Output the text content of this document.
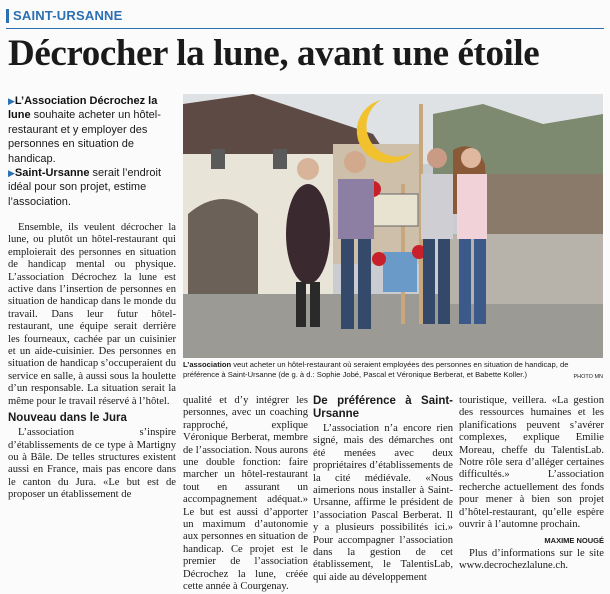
SAINT-URSANNE
Décrocher la lune, avant une étoile

▶L’Association Décrochez la lune souhaite acheter un hôtel-restaurant et y employer des personnes en situation de handicap.

▶Saint-Ursanne serait l’endroit idéal pour son projet, estime l’association.

L’association veut acheter un hôtel-restaurant où seraient employées des personnes en situation de handicap, de préférence à Saint-Ursanne (de g. à d.: Sophie Jobé, Pascal et Véronique Berberat, et Babette Koller.)	PHOTO MN

Ensemble, ils veulent décrocher la lune, ou plutôt un hôtel-restaurant qui emploierait des personnes en situation de handicap mental ou physique. L’association Décrochez la lune est active dans l’insertion de personnes en situation de handicap dans le monde du travail. Dans leur futur hôtel-restaurant, une équipe serait derrière les fourneaux, cachée par un cuisinier et un aide-cuisinier. Des personnes en situation de handicap s’occuperaient du service en salle, à aussi sous la houlette d’un responsable. La situation serait la même pour le travail réservé à l’hôtel.

Nouveau dans le Jura

L’association s’inspire d’établissements de ce type à Martigny ou à Bâle. De telles structures existent aussi en France, mais pas encore dans le canton du Jura. «Le but est de proposer un établissement de

qualité et d’y intégrer les personnes, avec un coaching rapproché, explique Véronique Berberat, membre de l’association. Nous aurons une double fonction: faire marcher un hôtel-restaurant tout en assurant un accompagnement adéquat.» Le but est aussi d’apporter un maximum d’autonomie aux personnes en situation de handicap. Ce projet est le premier de l’association Décrochez la lune, créée cette année à Courgenay.

De préférence à Saint-Ursanne

L’association n’a encore rien signé, mais des démarches ont été menées avec deux propriétaires d’établissements de la cité médiévale. «Nous aimerions nous installer à Saint-Ursanne, affirme le président de l’association Pascal Berberat. Il y a plusieurs possibilités ici.» Pour accompagner l’association dans la gestion de cet établissement, le TalentisLab, qui aide au développement

touristique, veillera. «La gestion des ressources humaines et les planifications peuvent s’avérer complexes, explique Emilie Moreau, cheffe du TalentisLab. Notre rôle sera d’alléger certaines difficultés.» L’association recherche actuellement des fonds pour mener à bien son projet d’hôtel-restaurant, qu’elle espère ouvrir à l’automne prochain.

MAXIME NOUGÉ

Plus d’informations sur le site www.decrochezlalune.ch.
